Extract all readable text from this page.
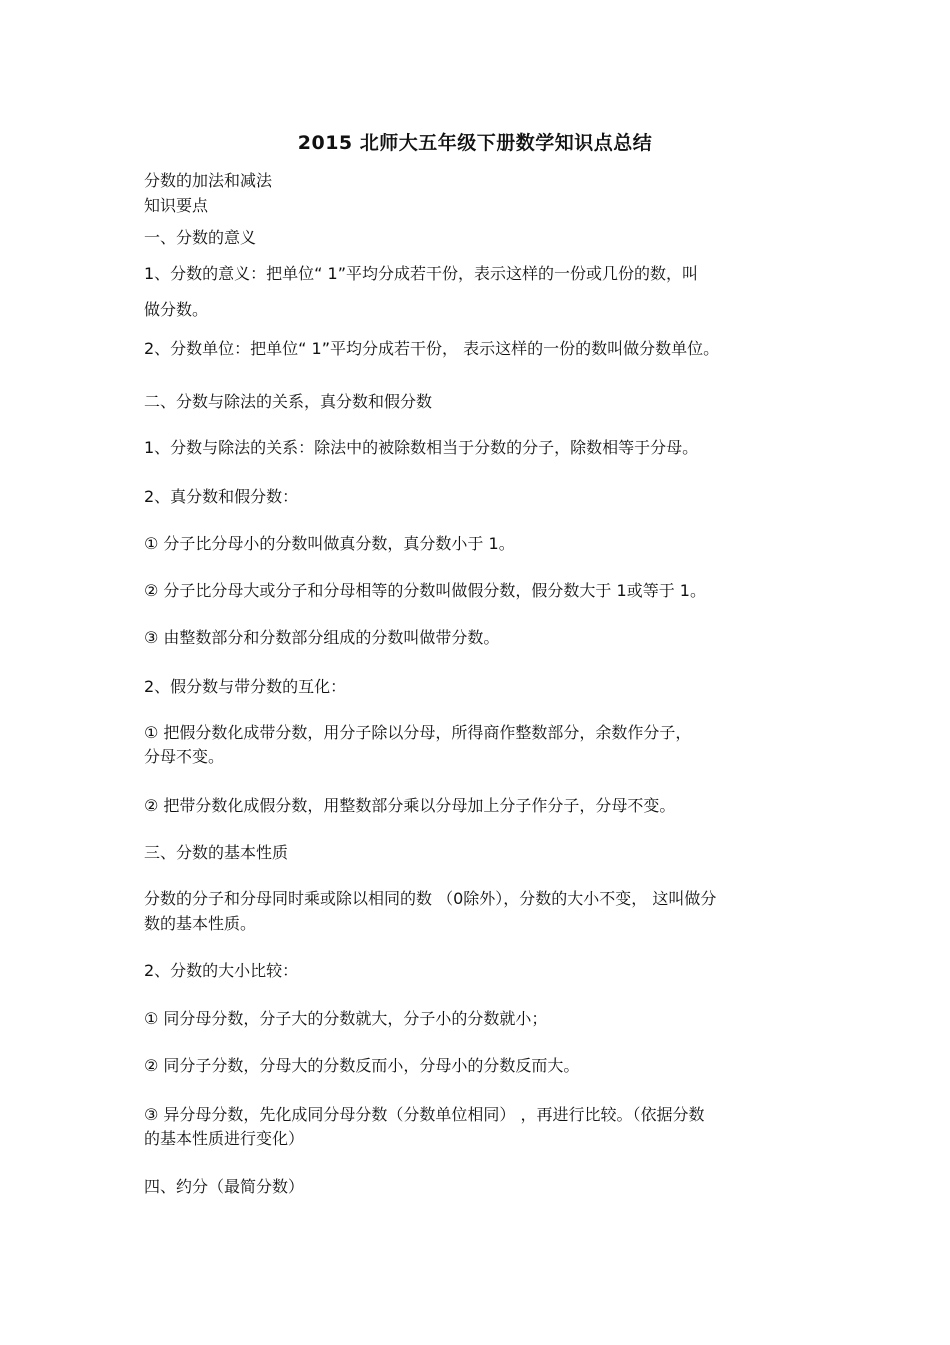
2015 北师大五年级下册数学知识点总结
分数的加法和减法
知识要点
一、分数的意义
1、分数的意义：把单位“ 1”平均分成若干份，表示这样的一份或几份的数，叫
做分数。
2、分数单位：把单位“ 1”平均分成若干份， 表示这样的一份的数叫做分数单位。
二、分数与除法的关系，真分数和假分数
1、分数与除法的关系：除法中的被除数相当于分数的分子，除数相等于分母。
2、真分数和假分数：
① 分子比分母小的分数叫做真分数，真分数小于 1。
② 分子比分母大或分子和分母相等的分数叫做假分数，假分数大于 1或等于 1。
③ 由整数部分和分数部分组成的分数叫做带分数。
2、假分数与带分数的互化：
① 把假分数化成带分数，用分子除以分母，所得商作整数部分，余数作分子，
分母不变。
② 把带分数化成假分数，用整数部分乘以分母加上分子作分子，分母不变。
三、分数的基本性质
分数的分子和分母同时乘或除以相同的数 （0除外），分数的大小不变， 这叫做分
数的基本性质。
2、分数的大小比较：
① 同分母分数，分子大的分数就大，分子小的分数就小；
② 同分子分数，分母大的分数反而小，分母小的分数反而大。
③ 异分母分数，先化成同分母分数（分数单位相同） ，再进行比较。（依据分数
的基本性质进行变化）
四、约分（最简分数）
